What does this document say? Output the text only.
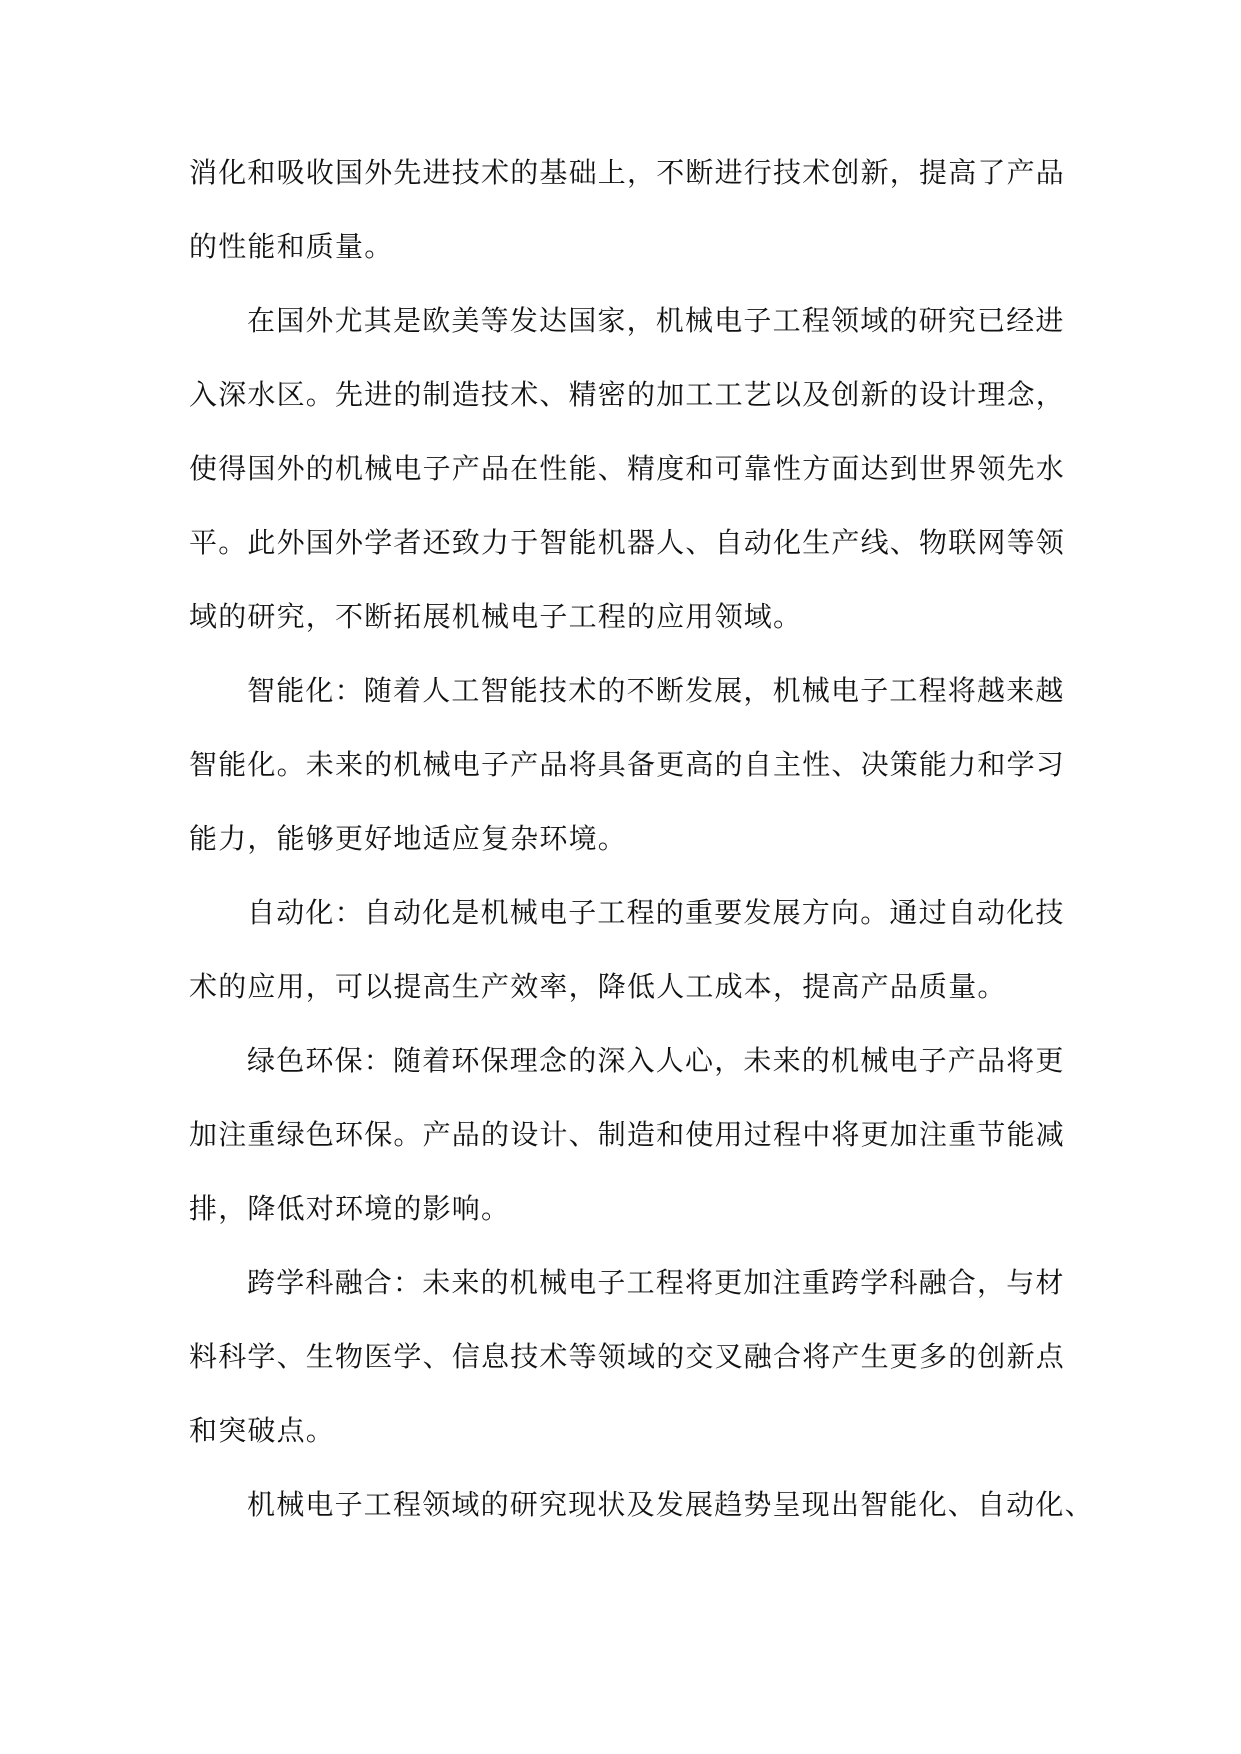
消化和吸收国外先进技术的基础上，不断进行技术创新，提高了产品
的性能和质量。
在国外尤其是欧美等发达国家，机械电子工程领域的研究已经进
入深水区。先进的制造技术、精密的加工工艺以及创新的设计理念，
使得国外的机械电子产品在性能、精度和可靠性方面达到世界领先水
平。此外国外学者还致力于智能机器人、自动化生产线、物联网等领
域的研究，不断拓展机械电子工程的应用领域。
智能化：随着人工智能技术的不断发展，机械电子工程将越来越
智能化。未来的机械电子产品将具备更高的自主性、决策能力和学习
能力，能够更好地适应复杂环境。
自动化：自动化是机械电子工程的重要发展方向。通过自动化技
术的应用，可以提高生产效率，降低人工成本，提高产品质量。
绿色环保：随着环保理念的深入人心，未来的机械电子产品将更
加注重绿色环保。产品的设计、制造和使用过程中将更加注重节能减
排，降低对环境的影响。
跨学科融合：未来的机械电子工程将更加注重跨学科融合，与材
料科学、生物医学、信息技术等领域的交叉融合将产生更多的创新点
和突破点。
机械电子工程领域的研究现状及发展趋势呈现出智能化、自动化、
